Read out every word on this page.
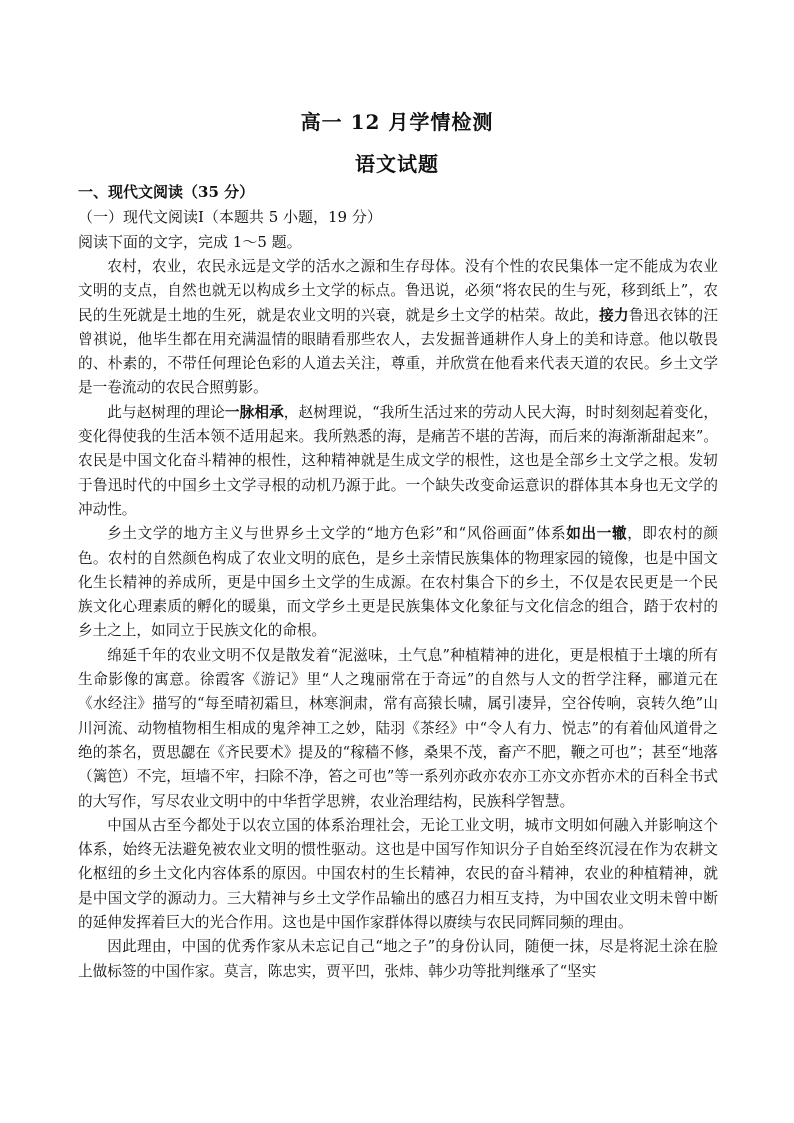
高一 12 月学情检测
语文试题
一、现代文阅读（35 分）
（一）现代文阅读Ⅰ（本题共 5 小题，19 分）
阅读下面的文字，完成 1～5 题。

农村，农业，农民永远是文学的活水之源和生存母体。没有个性的农民集体一定不能成为农业文明的支点，自然也就无以构成乡土文学的标点。鲁迅说，必须“将农民的生与死，移到纸上”，农民的生死就是土地的生死，就是农业文明的兴衰，就是乡土文学的枯荣。故此，接力鲁迅衣钵的汪曾祺说，他毕生都在用充满温情的眼睛看那些农人，去发掘普通耕作人身上的美和诗意。他以敬畏的、朴素的，不带任何理论色彩的人道去关注，尊重，并欣赏在他看来代表天道的农民。乡土文学是一卷流动的农民合照剪影。

此与赵树理的理论一脉相承，赵树理说，“我所生活过来的劳动人民大海，时时刻刻起着变化，变化得使我的生活本领不适用起来。我所熟悉的海，是痛苦不堪的苦海，而后来的海渐渐甜起来”。农民是中国文化奋斗精神的根性，这种精神就是生成文学的根性，这也是全部乡土文学之根。发轫于鲁迅时代的中国乡土文学寻根的动机乃源于此。一个缺失改变命运意识的群体其本身也无文学的冲动性。

乡土文学的地方主义与世界乡土文学的“地方色彩”和“风俗画面”体系如出一辙，即农村的颜色。农村的自然颜色构成了农业文明的底色，是乡土亲情民族集体的物理家园的镜像，也是中国文化生长精神的养成所，更是中国乡土文学的生成源。在农村集合下的乡土，不仅是农民更是一个民族文化心理素质的孵化的暖巢，而文学乡土更是民族集体文化象征与文化信念的组合，踏于农村的乡土之上，如同立于民族文化的命根。

绵延千年的农业文明不仅是散发着“泥滋味，土气息”种植精神的进化，更是根植于土壤的所有生命影像的寓意。徐霞客《游记》里“人之瑰丽常在于奇远”的自然与人文的哲学注释，郦道元在《水经注》描写的“每至晴初霜旦，林寒涧肃，常有高猿长啸，属引凄异，空谷传响，哀转久绝”山川河流、动物植物相生相成的鬼斧神工之妙，陆羽《茶经》中“令人有力、悦志”的有着仙风道骨之绝的茶名，贾思勰在《齐民要术》提及的“稼穑不修，桑果不茂，畜产不肥，鞭之可也”；甚至“地落（篱笆）不完，垣墙不牢，扫除不净，笞之可也”等一系列亦政亦农亦工亦文亦哲亦术的百科全书式的大写作，写尽农业文明中的中华哲学思辨，农业治理结构，民族科学智慧。

中国从古至今都处于以农立国的体系治理社会，无论工业文明，城市文明如何融入并影响这个体系，始终无法避免被农业文明的惯性驱动。这也是中国写作知识分子自始至终沉浸在作为农耕文化枢纽的乡土文化内容体系的原因。中国农村的生长精神，农民的奋斗精神，农业的种植精神，就是中国文学的源动力。三大精神与乡土文学作品输出的感召力相互支持，为中国农业文明未曾中断的延伸发挥着巨大的光合作用。这也是中国作家群体得以赓续与农民同辉同频的理由。

因此理由，中国的优秀作家从未忘记自己“地之子”的身份认同，随便一抹，尽是将泥土涂在脸上做标签的中国作家。莫言，陈忠实，贾平凹，张炜、韩少功等批判继承了“坚实
